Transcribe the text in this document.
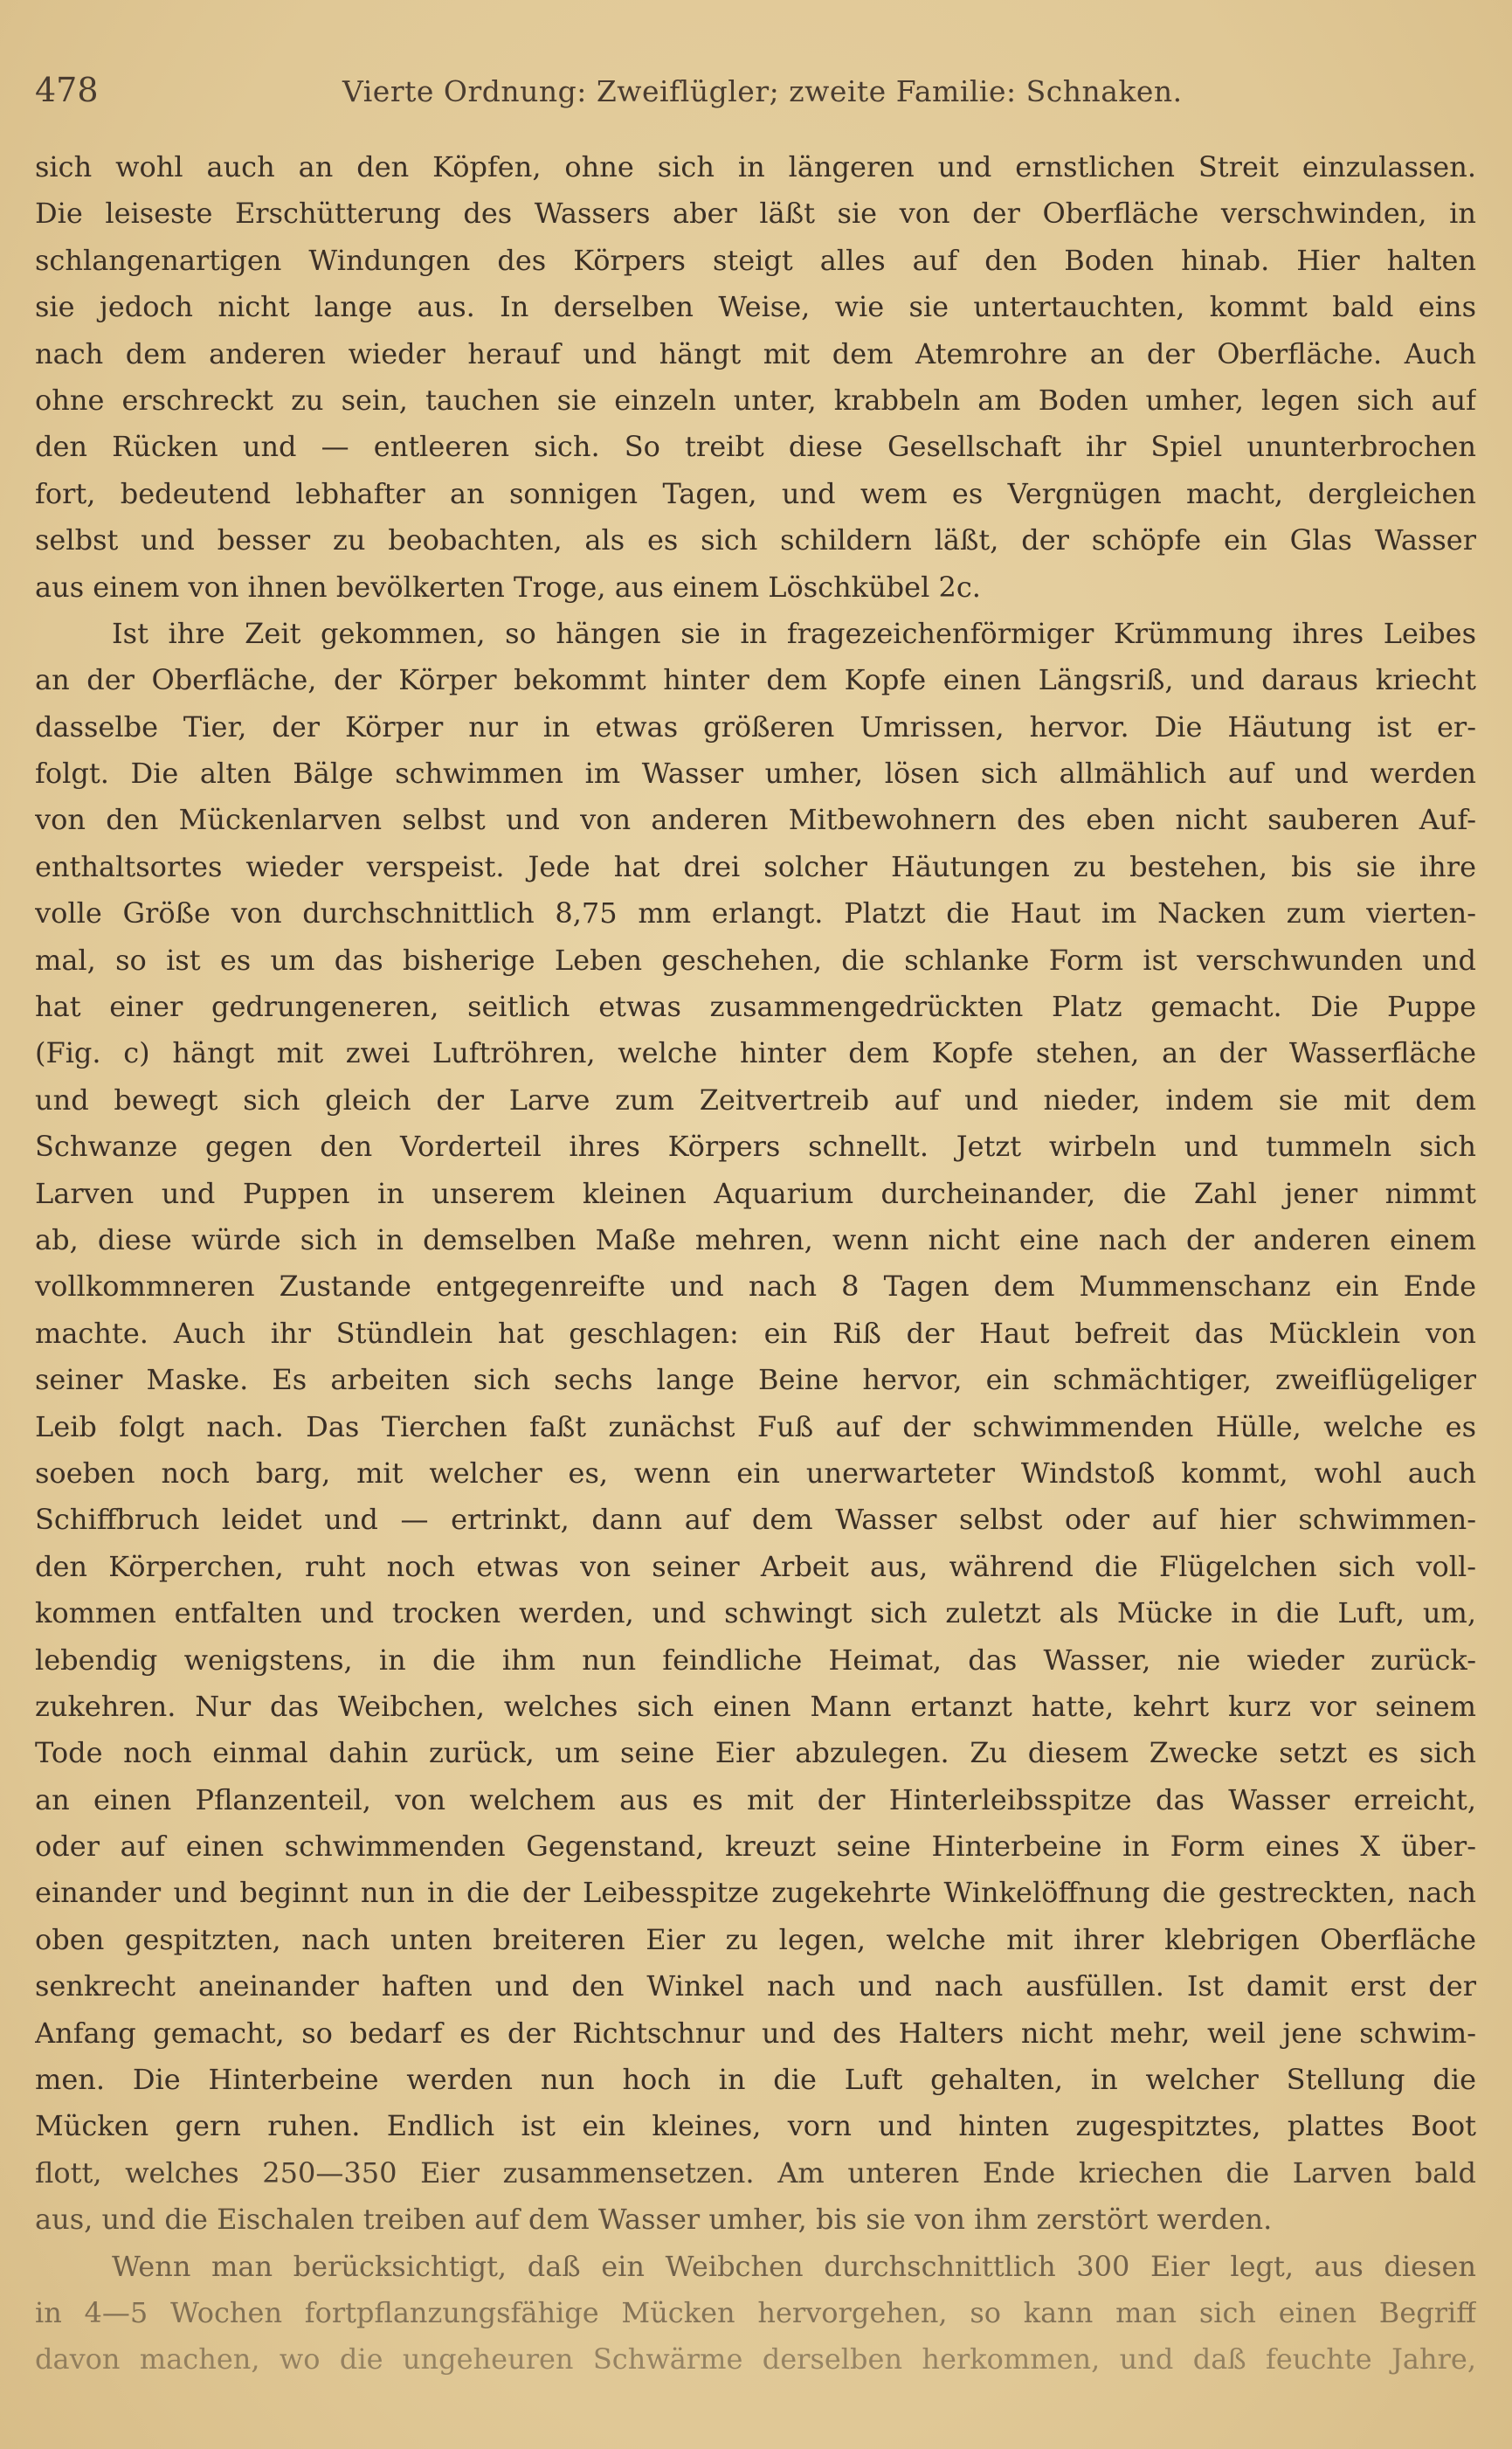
478	Vierte Ordnung: Zweiflügler; zweite Familie: Schnaken.
sich wohl auch an den Köpfen, ohne sich in längeren und ernstlichen Streit einzulassen.
Die leiseste Erschütterung des Wassers aber läßt sie von der Oberfläche verschwinden, in
schlangenartigen Windungen des Körpers steigt alles auf den Boden hinab. Hier halten
sie jedoch nicht lange aus. In derselben Weise, wie sie untertauchten, kommt bald eins
nach dem anderen wieder herauf und hängt mit dem Atemrohre an der Oberfläche. Auch
ohne erschreckt zu sein, tauchen sie einzeln unter, krabbeln am Boden umher, legen sich auf
den Rücken und — entleeren sich. So treibt diese Gesellschaft ihr Spiel ununterbrochen
fort, bedeutend lebhafter an sonnigen Tagen, und wem es Vergnügen macht, dergleichen
selbst und besser zu beobachten, als es sich schildern läßt, der schöpfe ein Glas Wasser
aus einem von ihnen bevölkerten Troge, aus einem Löschkübel 2c.
Ist ihre Zeit gekommen, so hängen sie in fragezeichenförmiger Krümmung ihres Leibes
an der Oberfläche, der Körper bekommt hinter dem Kopfe einen Längsriß, und daraus kriecht
dasselbe Tier, der Körper nur in etwas größeren Umrissen, hervor. Die Häutung ist er-
folgt. Die alten Bälge schwimmen im Wasser umher, lösen sich allmählich auf und werden
von den Mückenlarven selbst und von anderen Mitbewohnern des eben nicht sauberen Auf-
enthaltsortes wieder verspeist. Jede hat drei solcher Häutungen zu bestehen, bis sie ihre
volle Größe von durchschnittlich 8,75 mm erlangt. Platzt die Haut im Nacken zum vierten-
mal, so ist es um das bisherige Leben geschehen, die schlanke Form ist verschwunden und
hat einer gedrungeneren, seitlich etwas zusammengedrückten Platz gemacht. Die Puppe
(Fig. c) hängt mit zwei Luftröhren, welche hinter dem Kopfe stehen, an der Wasserfläche
und bewegt sich gleich der Larve zum Zeitvertreib auf und nieder, indem sie mit dem
Schwanze gegen den Vorderteil ihres Körpers schnellt. Jetzt wirbeln und tummeln sich
Larven und Puppen in unserem kleinen Aquarium durcheinander, die Zahl jener nimmt
ab, diese würde sich in demselben Maße mehren, wenn nicht eine nach der anderen einem
vollkommneren Zustande entgegenreifte und nach 8 Tagen dem Mummenschanz ein Ende
machte. Auch ihr Stündlein hat geschlagen: ein Riß der Haut befreit das Mücklein von
seiner Maske. Es arbeiten sich sechs lange Beine hervor, ein schmächtiger, zweiflügeliger
Leib folgt nach. Das Tierchen faßt zunächst Fuß auf der schwimmenden Hülle, welche es
soeben noch barg, mit welcher es, wenn ein unerwarteter Windstoß kommt, wohl auch
Schiffbruch leidet und — ertrinkt, dann auf dem Wasser selbst oder auf hier schwimmen-
den Körperchen, ruht noch etwas von seiner Arbeit aus, während die Flügelchen sich voll-
kommen entfalten und trocken werden, und schwingt sich zuletzt als Mücke in die Luft, um,
lebendig wenigstens, in die ihm nun feindliche Heimat, das Wasser, nie wieder zurück-
zukehren. Nur das Weibchen, welches sich einen Mann ertanzt hatte, kehrt kurz vor seinem
Tode noch einmal dahin zurück, um seine Eier abzulegen. Zu diesem Zwecke setzt es sich
an einen Pflanzenteil, von welchem aus es mit der Hinterleibsspitze das Wasser erreicht,
oder auf einen schwimmenden Gegenstand, kreuzt seine Hinterbeine in Form eines X über-
einander und beginnt nun in die der Leibesspitze zugekehrte Winkelöffnung die gestreckten, nach
oben gespitzten, nach unten breiteren Eier zu legen, welche mit ihrer klebrigen Oberfläche
senkrecht aneinander haften und den Winkel nach und nach ausfüllen. Ist damit erst der
Anfang gemacht, so bedarf es der Richtschnur und des Halters nicht mehr, weil jene schwim-
men. Die Hinterbeine werden nun hoch in die Luft gehalten, in welcher Stellung die
Mücken gern ruhen. Endlich ist ein kleines, vorn und hinten zugespitztes, plattes Boot
flott, welches 250—350 Eier zusammensetzen. Am unteren Ende kriechen die Larven bald
aus, und die Eischalen treiben auf dem Wasser umher, bis sie von ihm zerstört werden.
Wenn man berücksichtigt, daß ein Weibchen durchschnittlich 300 Eier legt, aus diesen
in 4—5 Wochen fortpflanzungsfähige Mücken hervorgehen, so kann man sich einen Begriff
davon machen, wo die ungeheuren Schwärme derselben herkommen, und daß feuchte Jahre,
